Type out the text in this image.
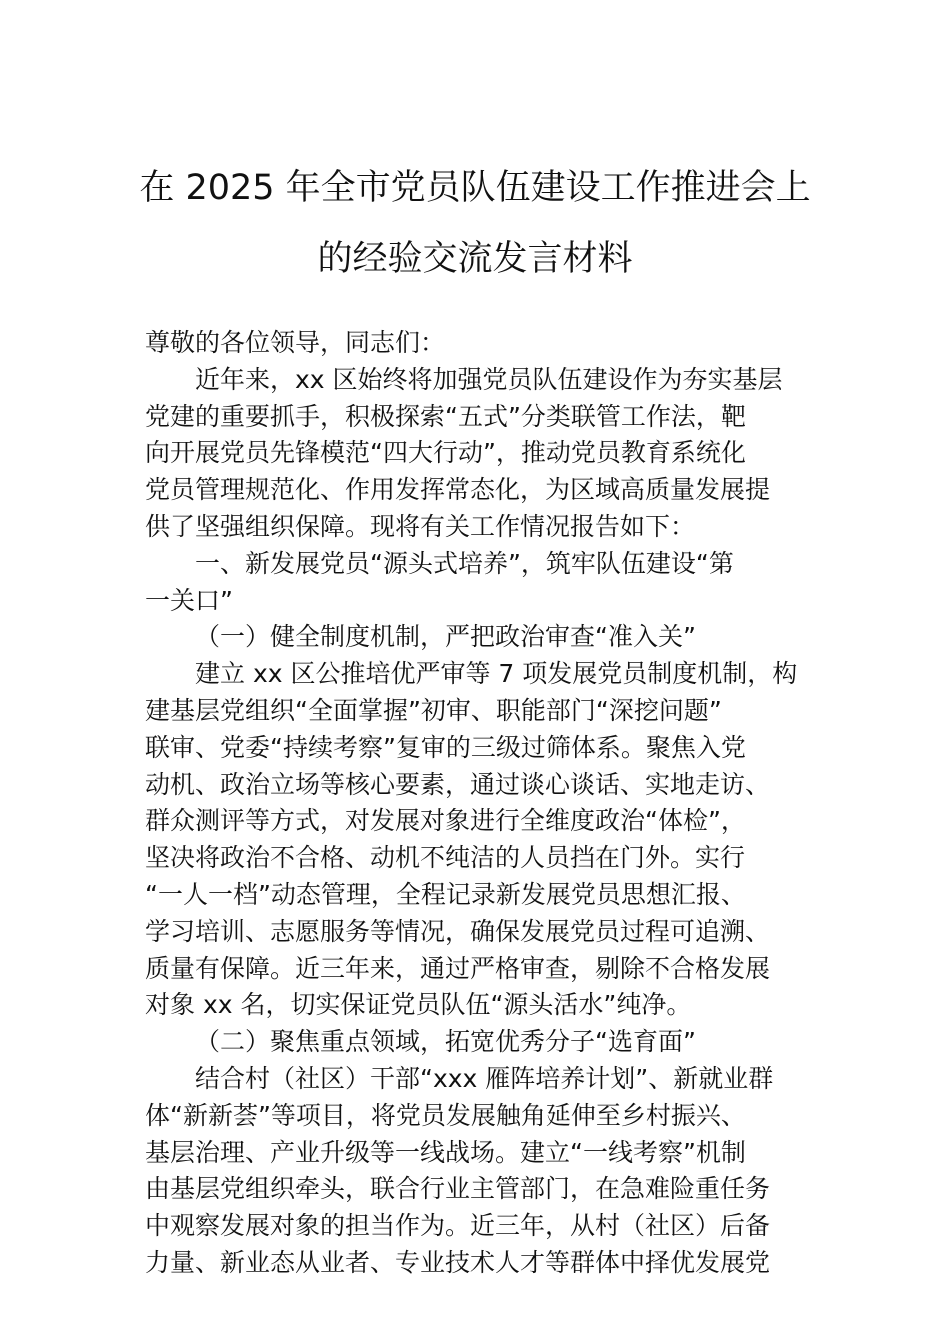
在 2025 年全市党员队伍建设工作推进会上
的经验交流发言材料

尊敬的各位领导，同志们：

近年来，xx 区始终将加强党员队伍建设作为夯实基层
党建的重要抓手，积极探索“五式”分类联管工作法，靶
向开展党员先锋模范“四大行动”，推动党员教育系统化
党员管理规范化、作用发挥常态化，为区域高质量发展提
供了坚强组织保障。现将有关工作情况报告如下：

一、新发展党员“源头式培养”，筑牢队伍建设“第
一关口”

（一）健全制度机制，严把政治审查“准入关”

建立 xx 区公推培优严审等 7 项发展党员制度机制，构
建基层党组织“全面掌握”初审、职能部门“深挖问题”
联审、党委“持续考察”复审的三级过筛体系。聚焦入党
动机、政治立场等核心要素，通过谈心谈话、实地走访、
群众测评等方式，对发展对象进行全维度政治“体检”，
坚决将政治不合格、动机不纯洁的人员挡在门外。实行
“一人一档”动态管理，全程记录新发展党员思想汇报、
学习培训、志愿服务等情况，确保发展党员过程可追溯、
质量有保障。近三年来，通过严格审查，剔除不合格发展
对象 xx 名，切实保证党员队伍“源头活水”纯净。

（二）聚焦重点领域，拓宽优秀分子“选育面”

结合村（社区）干部“xxx 雁阵培养计划”、新就业群
体“新新荟”等项目，将党员发展触角延伸至乡村振兴、
基层治理、产业升级等一线战场。建立“一线考察”机制
由基层党组织牵头，联合行业主管部门，在急难险重任务
中观察发展对象的担当作为。近三年，从村（社区）后备
力量、新业态从业者、专业技术人才等群体中择优发展党
